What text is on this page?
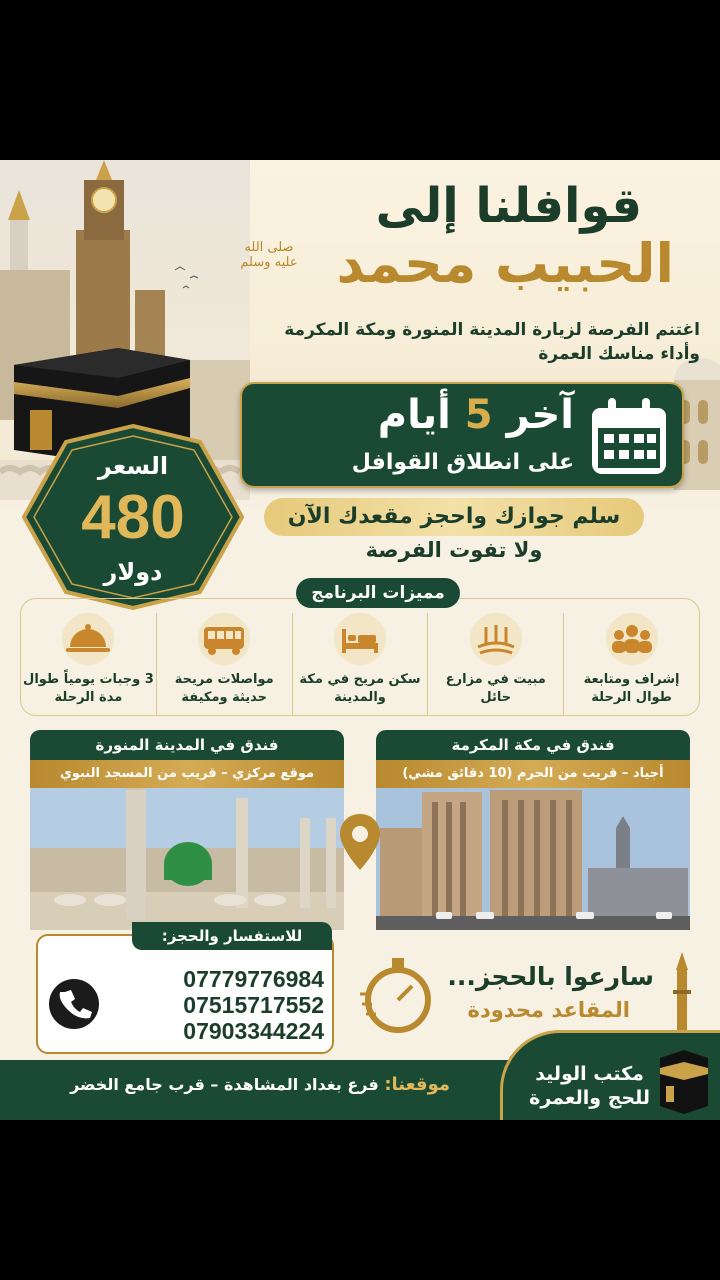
قوافلنا إلى
الحبيب محمد
صلى الله عليه وسلم
اغتنم الفرصة لزيارة المدينة المنورة ومكة المكرمة وأداء مناسك العمرة
آخر 5 أيام
على انطلاق القوافل
السعر
480
دولار
سلم جوازك واحجز مقعدك الآن
ولا تفوت الفرصة
إشراف ومتابعة طوال الرحلة
مبيت في مزارع حائل
سكن مريح في مكة والمدينة
مواصلات مريحة حديثة ومكيفة
3 وجبات يومياً طوال مدة الرحلة
مميزات البرنامج
فندق في مكة المكرمة
أجياد – قريب من الحرم (10 دقائق مشي)
فندق في المدينة المنورة
موقع مركزي – قريب من المسجد النبوي
للاستفسار والحجز:
07779776984
07515717552
07903344224
سارعوا بالحجز...
المقاعد محدودة
موقعنا: فرع بغداد المشاهدة – قرب جامع الخضر	مكتب الوليد
للحج والعمرة
